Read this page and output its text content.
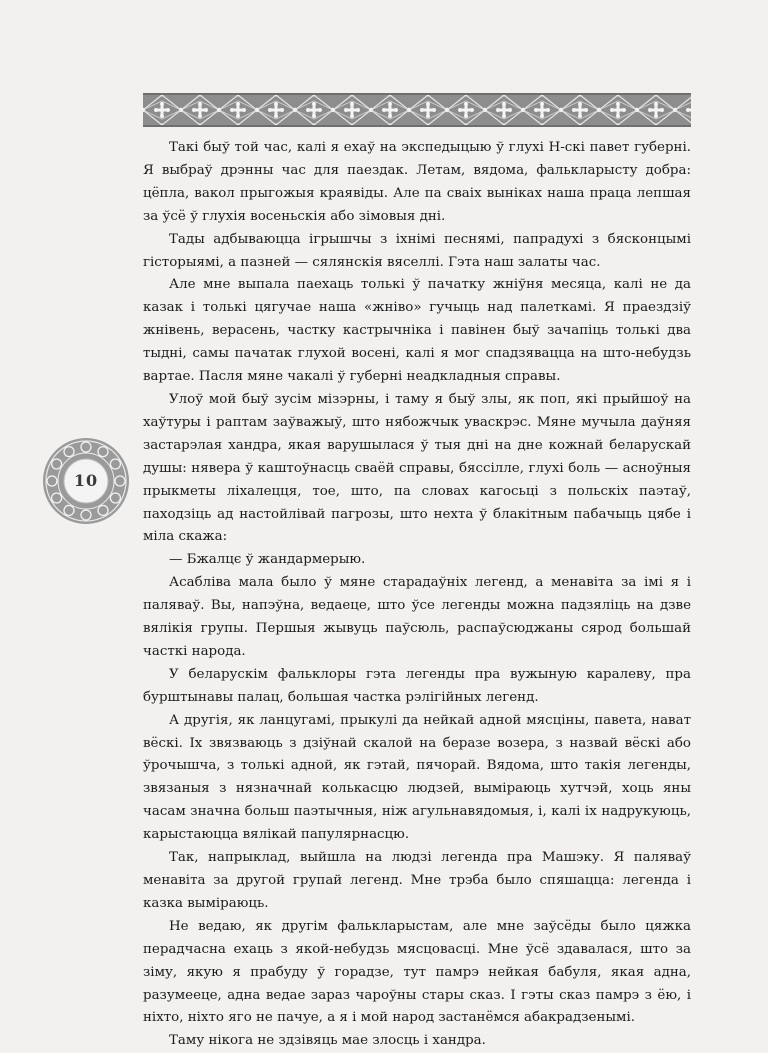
10

Такі быў той час, калі я ехаў на экспедыцыю ў глухі Н-скі павет губерні. Я выбраў дрэнны час для паездак. Летам, вядома, фалькларысту добра: цёпла, вакол прыгожыя краявіды. Але па сваіх выніках наша праца лепшая за ўсё ў глухія восеньскія або зімовыя дні.

Тады адбываюцца ігрышчы з іхнімі песнямі, папрадухі з бясконцымі гісторыямі, а пазней — сялянскія вяселлі. Гэта наш залаты час.

Але мне выпала паехаць толькі ў пачатку жніўня месяца, калі не да казак і толькі цягучае наша «жніво» гучыць над палеткамі. Я праездзіў жнівень, верасень, частку кастрычніка і павінен быў зачапіць толькі два тыдні, самы пачатак глухой восені, калі я мог спадзявацца на што-небудзь вартае. Пасля мяне чакалі ў губерні неадкладныя справы.

Улоў мой быў зусім мізэрны, і таму я быў злы, як поп, які прыйшоў на хаўтуры і раптам заўважыў, што нябожчык уваскрэс. Мяне мучыла даўняя застарэлая хандра, якая варушылася ў тыя дні на дне кожнай беларускай душы: нявера ў каштоўнасць сваёй справы, бяссілле, глухі боль — асноўныя прыкметы ліхалецця, тое, што, па словах кагосьці з польскіх паэтаў, паходзіць ад настойлівай пагрозы, што нехта ў блакітным пабачыць цябе і міла скажа:

— Бжалцє ў жандармерыю.

Асабліва мала было ў мяне старадаўніх легенд, а менавіта за імі я і паляваў. Вы, напэўна, ведаеце, што ўсе легенды можна падзяліць на дзве вялікія групы. Першыя жывуць паўсюль, распаўсюджаны сярод большай часткі народа.

У беларускім фальклоры гэта легенды пра вужыную каралеву, пра бурштынавы палац, большая частка рэлігійных легенд.

А другія, як ланцугамі, прыкулі да нейкай адной мясціны, павета, нават вёскі. Іх звязваюць з дзіўнай скалой на беразе возера, з назвай вёскі або ўрочышча, з толькі адной, як гэтай, пячорай. Вядома, што такія легенды, звязаныя з нязначнай колькасцю людзей, выміраюць хутчэй, хоць яны часам значна больш паэтычныя, ніж агульнавядомыя, і, калі іх надрукуюць, карыстаюцца вялікай папулярнасцю.

Так, напрыклад, выйшла на людзі легенда пра Машэку. Я паляваў менавіта за другой групай легенд. Мне трэба было спяшацца: легенда і казка выміраюць.

Не ведаю, як другім фалькларыстам, але мне заўсёды было цяжка перадчасна ехаць з якой-небудзь мясцовасці. Мне ўсё здавалася, што за зіму, якую я прабуду ў горадзе, тут памрэ нейкая бабуля, якая адна, разумееце, адна ведае зараз чароўны стары сказ. І гэты сказ памрэ з ёю, і ніхто, ніхто яго не пачуе, а я і мой народ застанёмся абакрадзенымі.

Таму нікога не здзівяць мае злосць і хандра.
